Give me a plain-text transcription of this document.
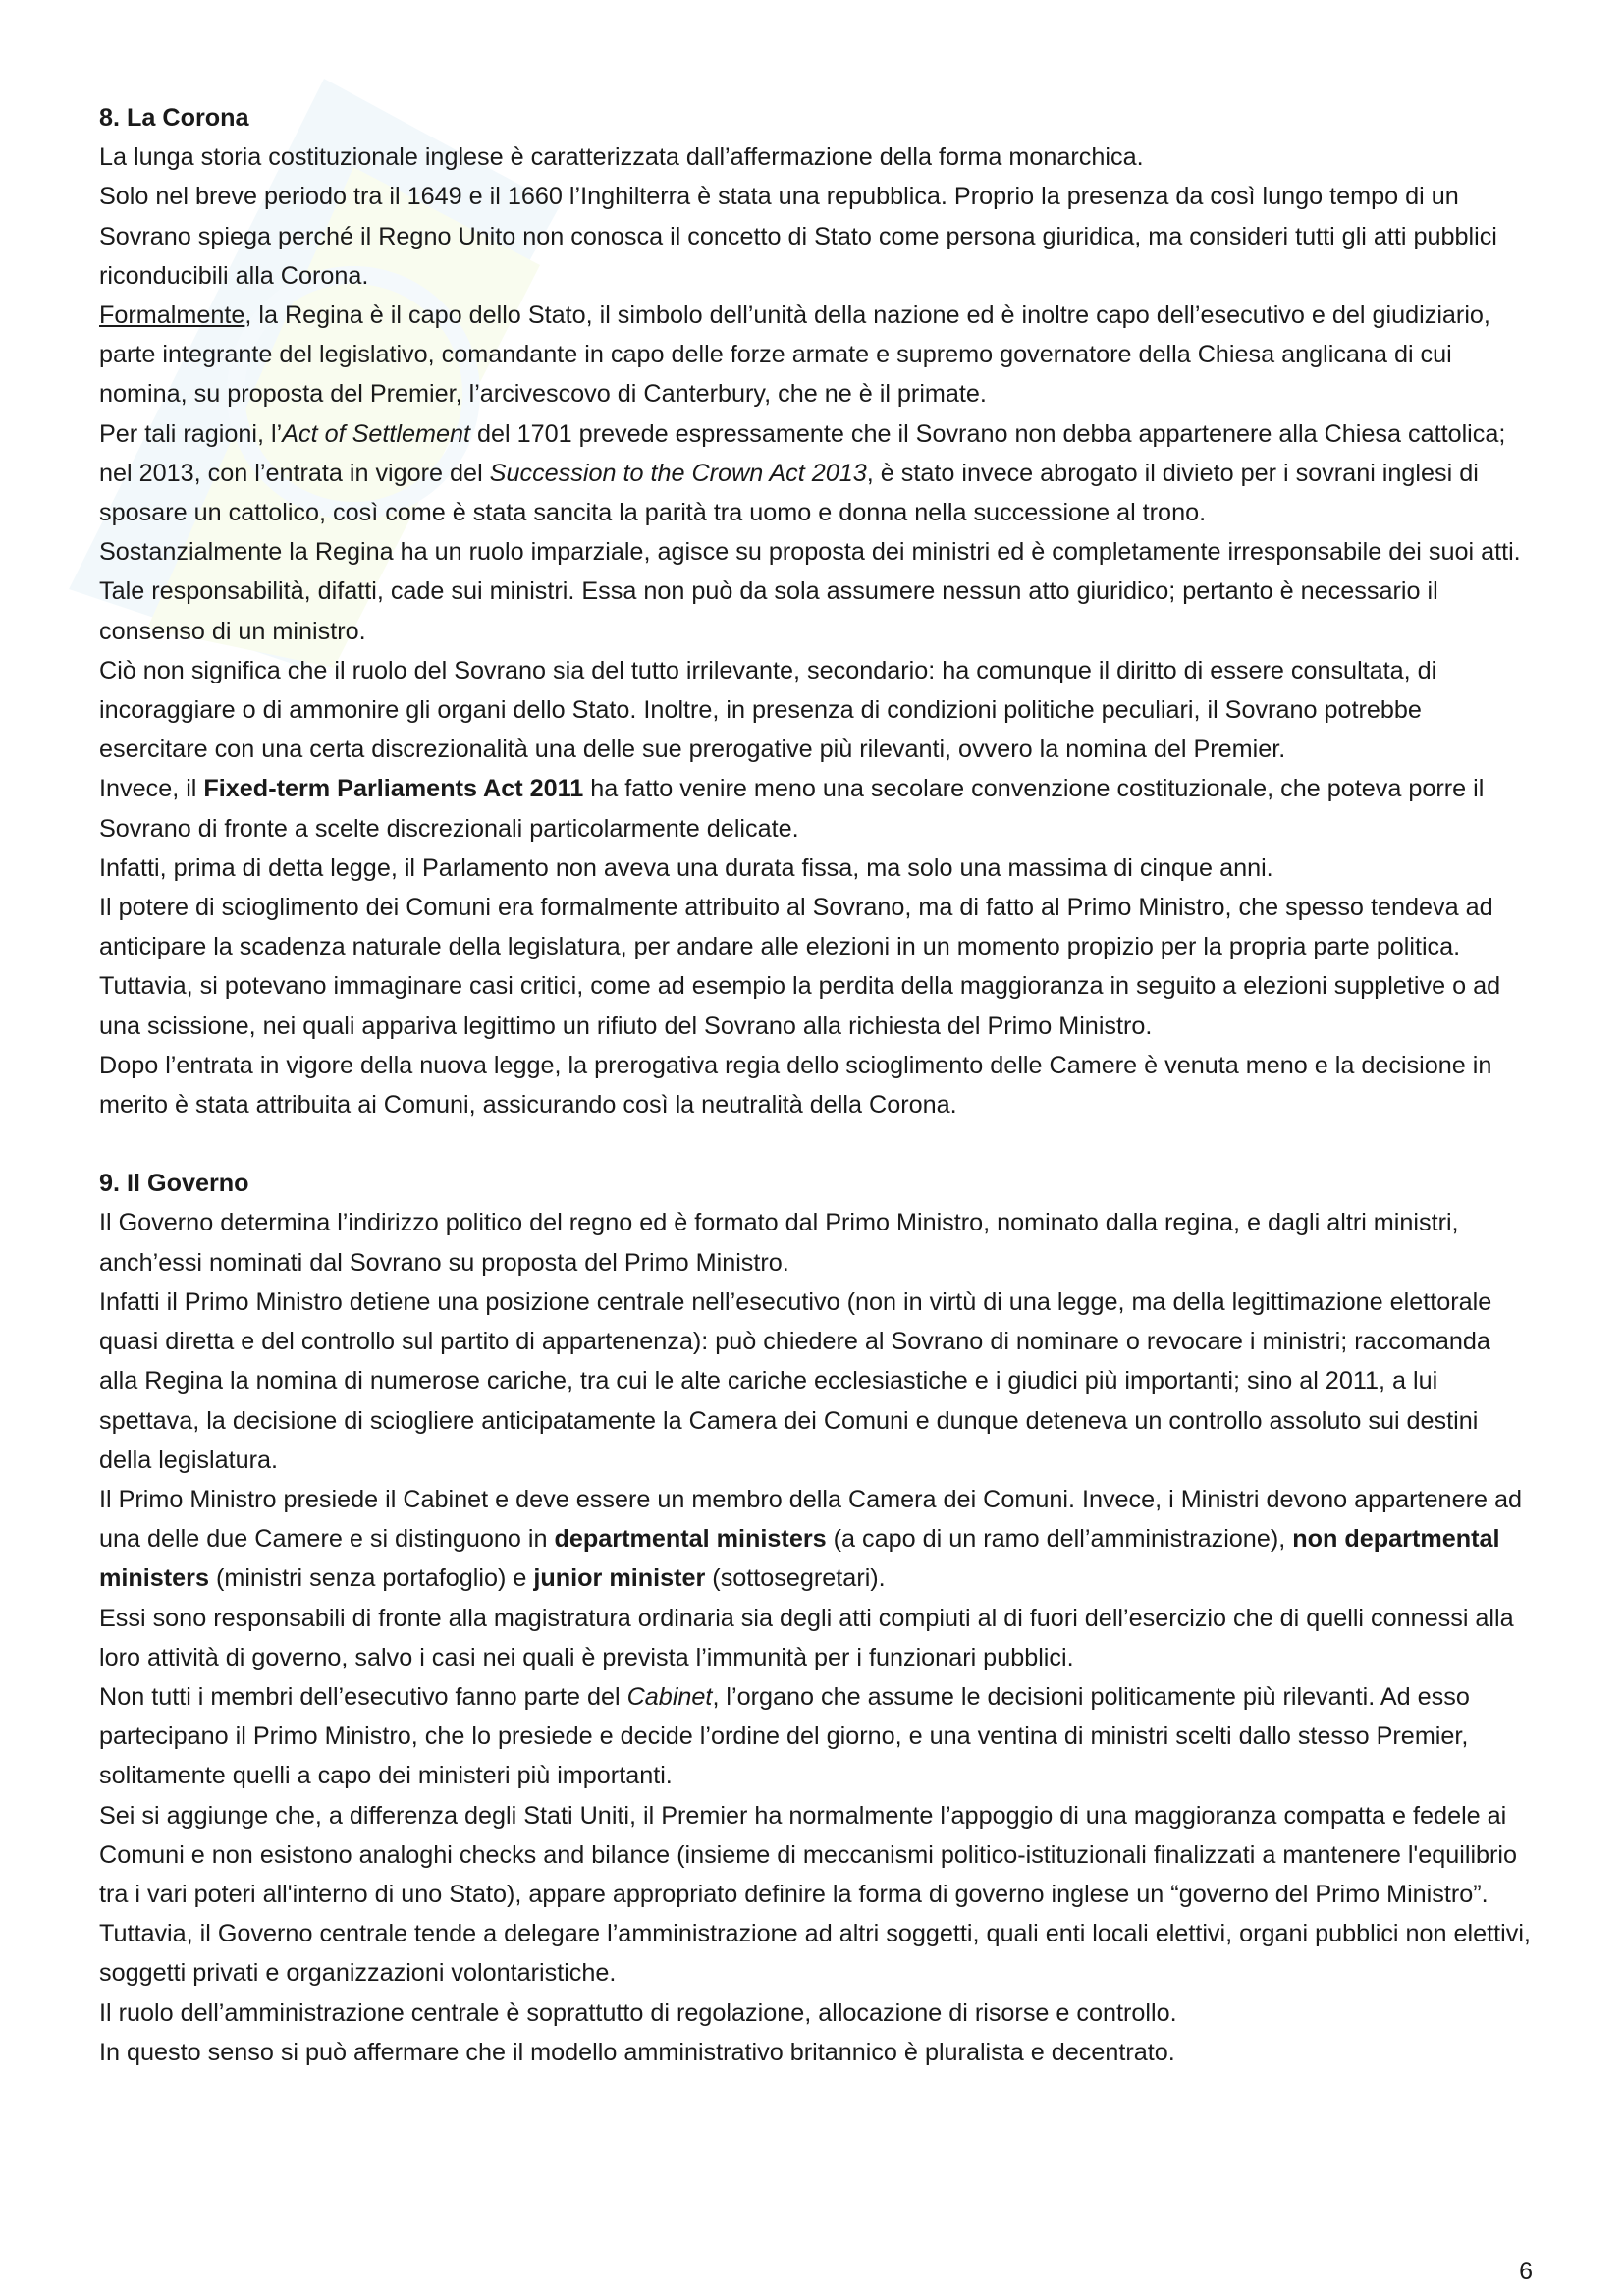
8. La Corona

La lunga storia costituzionale inglese è caratterizzata dall’affermazione della forma monarchica.

Solo nel breve periodo tra il 1649 e il 1660 l’Inghilterra è stata una repubblica. Proprio la presenza da così lungo tempo di un Sovrano spiega perché il Regno Unito non conosca il concetto di Stato come persona giuridica, ma consideri tutti gli atti pubblici riconducibili alla Corona.

Formalmente, la Regina è il capo dello Stato, il simbolo dell’unità della nazione ed è inoltre capo dell’esecutivo e del giudiziario, parte integrante del legislativo, comandante in capo delle forze armate e supremo governatore della Chiesa anglicana di cui nomina, su proposta del Premier, l’arcivescovo di Canterbury, che ne è il primate.

Per tali ragioni, l’Act of Settlement del 1701 prevede espressamente che il Sovrano non debba appartenere alla Chiesa cattolica; nel 2013, con l’entrata in vigore del Succession to the Crown Act 2013, è stato invece abrogato il divieto per i sovrani inglesi di sposare un cattolico, così come è stata sancita la parità tra uomo e donna nella successione al trono.

Sostanzialmente la Regina ha un ruolo imparziale, agisce su proposta dei ministri ed è completamente irresponsabile dei suoi atti. Tale responsabilità, difatti, cade sui ministri. Essa non può da sola assumere nessun atto giuridico; pertanto è necessario il consenso di un ministro.

Ciò non significa che il ruolo del Sovrano sia del tutto irrilevante, secondario: ha comunque il diritto di essere consultata, di incoraggiare o di ammonire gli organi dello Stato. Inoltre, in presenza di condizioni politiche peculiari, il Sovrano potrebbe esercitare con una certa discrezionalità una delle sue prerogative più rilevanti, ovvero la nomina del Premier.

Invece, il Fixed-term Parliaments Act 2011 ha fatto venire meno una secolare convenzione costituzionale, che poteva porre il Sovrano di fronte a scelte discrezionali particolarmente delicate.

Infatti, prima di detta legge, il Parlamento non aveva una durata fissa, ma solo una massima di cinque anni.

Il potere di scioglimento dei Comuni era formalmente attribuito al Sovrano, ma di fatto al Primo Ministro, che spesso tendeva ad anticipare la scadenza naturale della legislatura, per andare alle elezioni in un momento propizio per la propria parte politica. Tuttavia, si potevano immaginare casi critici, come ad esempio la perdita della maggioranza in seguito a elezioni suppletive o ad una scissione, nei quali appariva legittimo un rifiuto del Sovrano alla richiesta del Primo Ministro.

Dopo l’entrata in vigore della nuova legge, la prerogativa regia dello scioglimento delle Camere è venuta meno e la decisione in merito è stata attribuita ai Comuni, assicurando così la neutralità della Corona.

9. Il Governo

Il Governo determina l’indirizzo politico del regno ed è formato dal Primo Ministro, nominato dalla regina, e dagli altri ministri, anch’essi nominati dal Sovrano su proposta del Primo Ministro.

Infatti il Primo Ministro detiene una posizione centrale nell’esecutivo (non in virtù di una legge, ma della legittimazione elettorale quasi diretta e del controllo sul partito di appartenenza): può chiedere al Sovrano di nominare o revocare i ministri; raccomanda alla Regina la nomina di numerose cariche, tra cui le alte cariche ecclesiastiche e i giudici più importanti; sino al 2011, a lui spettava, la decisione di sciogliere anticipatamente la Camera dei Comuni e dunque deteneva un controllo assoluto sui destini della legislatura.

Il Primo Ministro presiede il Cabinet e deve essere un membro della Camera dei Comuni. Invece, i Ministri devono appartenere ad una delle due Camere e si distinguono in departmental ministers (a capo di un ramo dell’amministrazione), non departmental ministers (ministri senza portafoglio) e junior minister (sottosegretari).

Essi sono responsabili di fronte alla magistratura ordinaria sia degli atti compiuti al di fuori dell’esercizio che di quelli connessi alla loro attività di governo, salvo i casi nei quali è prevista l’immunità per i funzionari pubblici.

Non tutti i membri dell’esecutivo fanno parte del Cabinet, l’organo che assume le decisioni politicamente più rilevanti. Ad esso partecipano il Primo Ministro, che lo presiede e decide l’ordine del giorno, e una ventina di ministri scelti dallo stesso Premier, solitamente quelli a capo dei ministeri più importanti.

Sei si aggiunge che, a differenza degli Stati Uniti, il Premier ha normalmente l’appoggio di una maggioranza compatta e fedele ai Comuni e non esistono analoghi checks and bilance (insieme di meccanismi politico-istituzionali finalizzati a mantenere l'equilibrio tra i vari poteri all'interno di uno Stato), appare appropriato definire la forma di governo inglese un “governo del Primo Ministro”. Tuttavia, il Governo centrale tende a delegare l’amministrazione ad altri soggetti, quali enti locali elettivi, organi pubblici non elettivi, soggetti privati e organizzazioni volontaristiche.

Il ruolo dell’amministrazione centrale è soprattutto di regolazione, allocazione di risorse e controllo.

In questo senso si può affermare che il modello amministrativo britannico è pluralista e decentrato.

6
